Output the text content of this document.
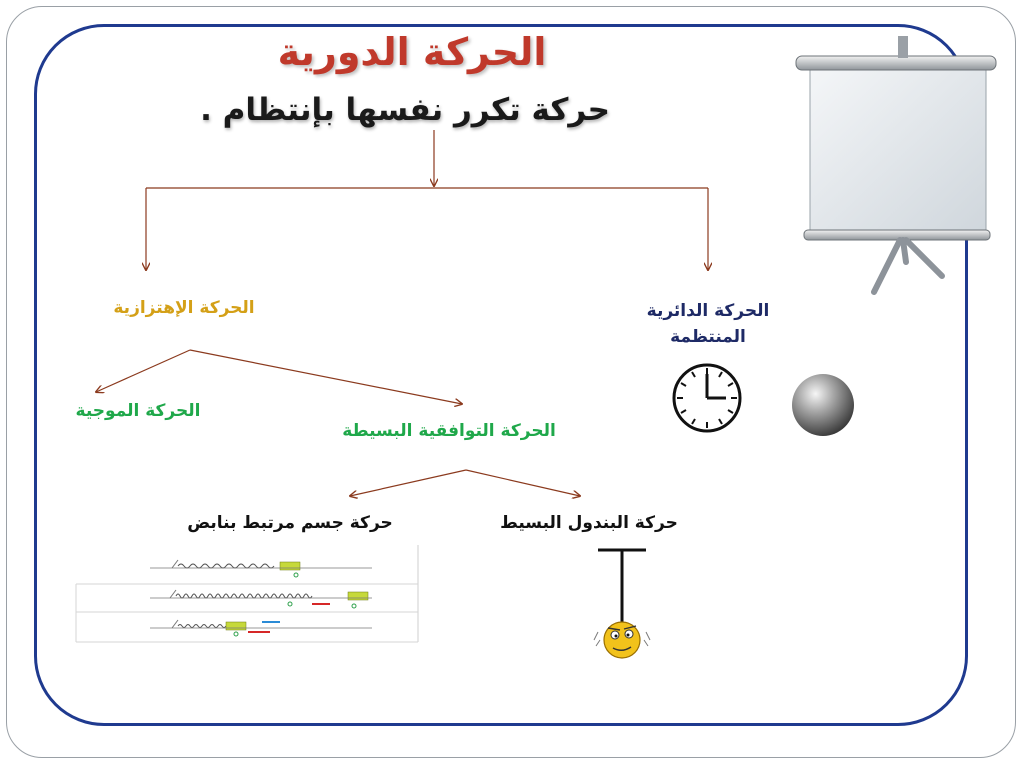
الحركة الدورية
حركة تكرر نفسها بإنتظام .
الحركة الإهتزازية	الحركة الدائرية المنتظمة
الحركة الموجية
الحركة التوافقية البسيطة
حركة جسم مرتبط بنابض	حركة البندول البسيط
